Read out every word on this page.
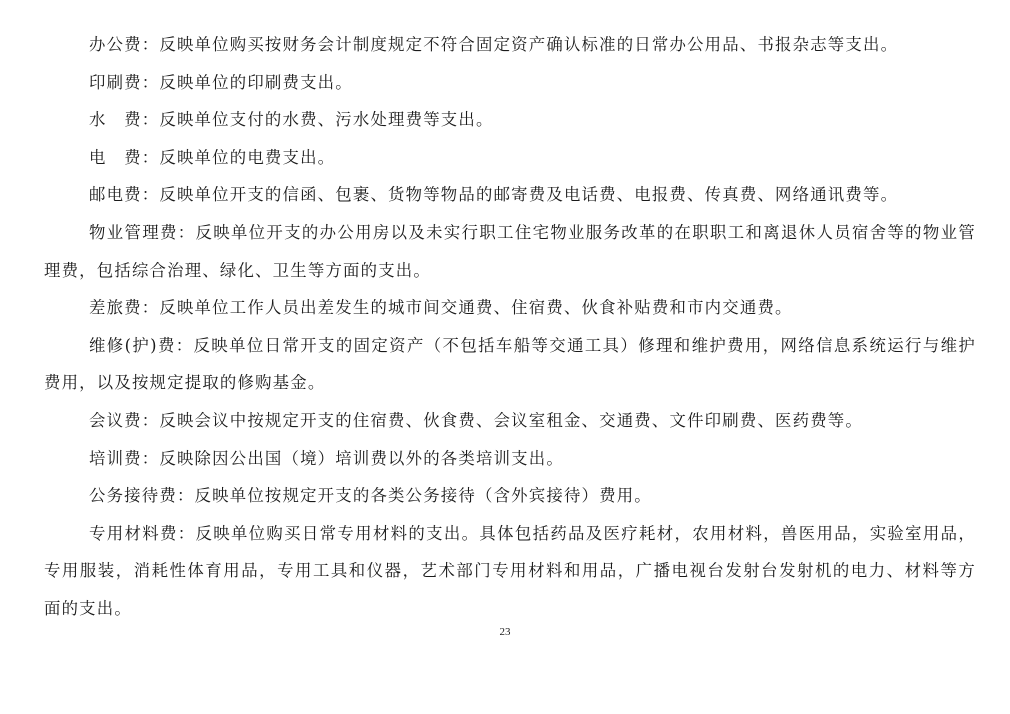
办公费：反映单位购买按财务会计制度规定不符合固定资产确认标准的日常办公用品、书报杂志等支出。

印刷费：反映单位的印刷费支出。

水　费：反映单位支付的水费、污水处理费等支出。

电　费：反映单位的电费支出。

邮电费：反映单位开支的信函、包裹、货物等物品的邮寄费及电话费、电报费、传真费、网络通讯费等。

物业管理费：反映单位开支的办公用房以及未实行职工住宅物业服务改革的在职职工和离退休人员宿舍等的物业管理费，包括综合治理、绿化、卫生等方面的支出。

差旅费：反映单位工作人员出差发生的城市间交通费、住宿费、伙食补贴费和市内交通费。

维修(护)费：反映单位日常开支的固定资产（不包括车船等交通工具）修理和维护费用，网络信息系统运行与维护费用，以及按规定提取的修购基金。

会议费：反映会议中按规定开支的住宿费、伙食费、会议室租金、交通费、文件印刷费、医药费等。

培训费：反映除因公出国（境）培训费以外的各类培训支出。

公务接待费：反映单位按规定开支的各类公务接待（含外宾接待）费用。

专用材料费：反映单位购买日常专用材料的支出。具体包括药品及医疗耗材，农用材料，兽医用品，实验室用品，专用服装，消耗性体育用品，专用工具和仪器，艺术部门专用材料和用品，广播电视台发射台发射机的电力、材料等方面的支出。

23
